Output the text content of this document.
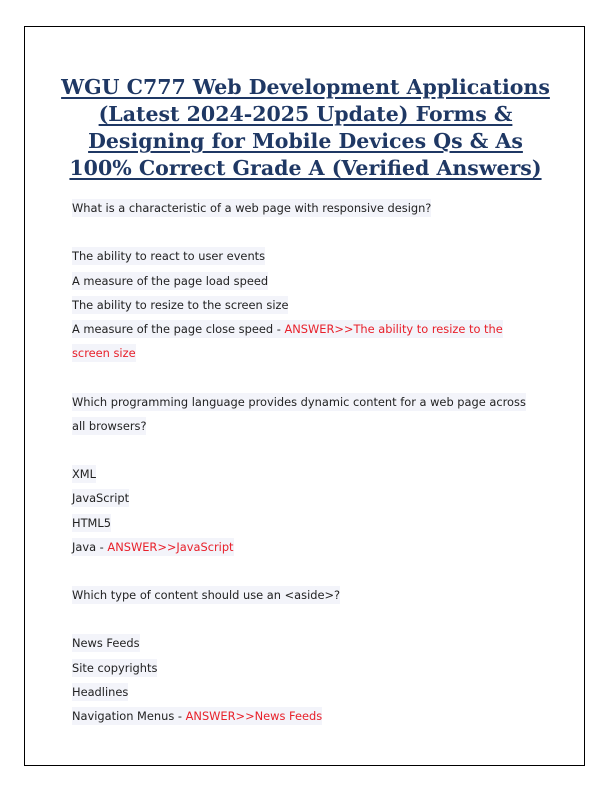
WGU C777 Web Development Applications (Latest 2024-2025 Update) Forms & Designing for Mobile Devices Qs & As 100% Correct Grade A (Verified Answers)
What is a characteristic of a web page with responsive design?
The ability to react to user events
A measure of the page load speed
The ability to resize to the screen size
A measure of the page close speed - ANSWER>>The ability to resize to the screen size
Which programming language provides dynamic content for a web page across all browsers?
XML
JavaScript
HTML5
Java - ANSWER>>JavaScript
Which type of content should use an <aside>?
News Feeds
Site copyrights
Headlines
Navigation Menus - ANSWER>>News Feeds
